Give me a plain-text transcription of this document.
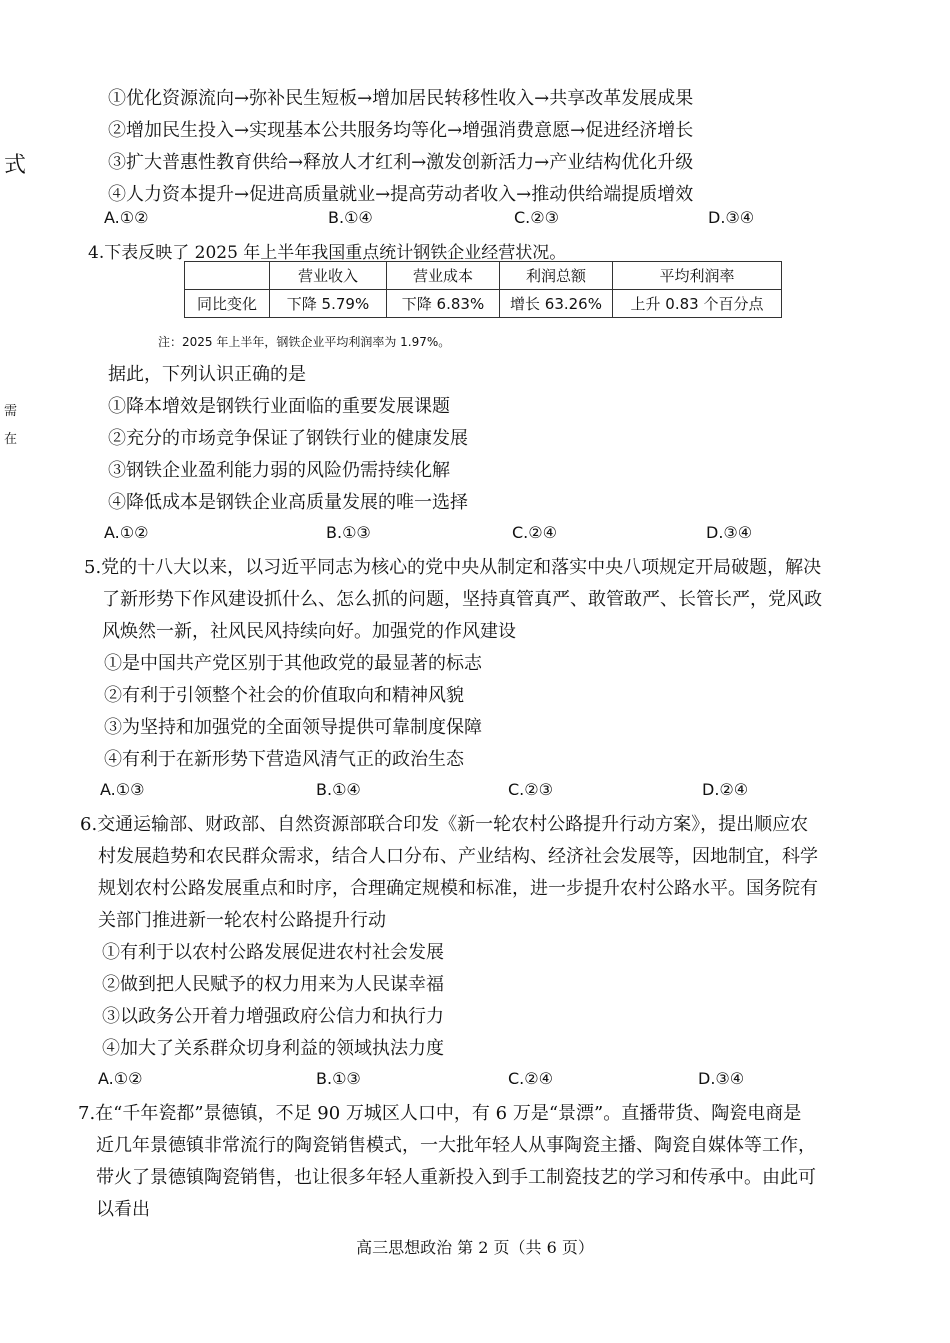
式
需
在
①优化资源流向→弥补民生短板→增加居民转移性收入→共享改革发展成果
②增加民生投入→实现基本公共服务均等化→增强消费意愿→促进经济增长
③扩大普惠性教育供给→释放人才红利→激发创新活力→产业结构优化升级
④人力资本提升→促进高质量就业→提高劳动者收入→推动供给端提质增效
A.①②	B.①④	C.②③	D.③④
4.下表反映了 2025 年上半年我国重点统计钢铁企业经营状况。
	营业收入	营业成本	利润总额	平均利润率
同比变化	下降 5.79%	下降 6.83%	增长 63.26%	上升 0.83 个百分点
注：2025 年上半年，钢铁企业平均利润率为 1.97%。
据此，下列认识正确的是
①降本增效是钢铁行业面临的重要发展课题
②充分的市场竞争保证了钢铁行业的健康发展
③钢铁企业盈利能力弱的风险仍需持续化解
④降低成本是钢铁企业高质量发展的唯一选择
A.①②	B.①③	C.②④	D.③④
5.党的十八大以来，以习近平同志为核心的党中央从制定和落实中央八项规定开局破题，解决
了新形势下作风建设抓什么、怎么抓的问题，坚持真管真严、敢管敢严、长管长严，党风政
风焕然一新，社风民风持续向好。加强党的作风建设
①是中国共产党区别于其他政党的最显著的标志
②有利于引领整个社会的价值取向和精神风貌
③为坚持和加强党的全面领导提供可靠制度保障
④有利于在新形势下营造风清气正的政治生态
A.①③	B.①④	C.②③	D.②④
6.交通运输部、财政部、自然资源部联合印发《新一轮农村公路提升行动方案》，提出顺应农
村发展趋势和农民群众需求，结合人口分布、产业结构、经济社会发展等，因地制宜，科学
规划农村公路发展重点和时序，合理确定规模和标准，进一步提升农村公路水平。国务院有
关部门推进新一轮农村公路提升行动
①有利于以农村公路发展促进农村社会发展
②做到把人民赋予的权力用来为人民谋幸福
③以政务公开着力增强政府公信力和执行力
④加大了关系群众切身利益的领域执法力度
A.①②	B.①③	C.②④	D.③④
7.在“千年瓷都”景德镇，不足 90 万城区人口中，有 6 万是“景漂”。直播带货、陶瓷电商是
近几年景德镇非常流行的陶瓷销售模式，一大批年轻人从事陶瓷主播、陶瓷自媒体等工作，
带火了景德镇陶瓷销售，也让很多年轻人重新投入到手工制瓷技艺的学习和传承中。由此可
以看出
高三思想政治 第 2 页（共 6 页）
